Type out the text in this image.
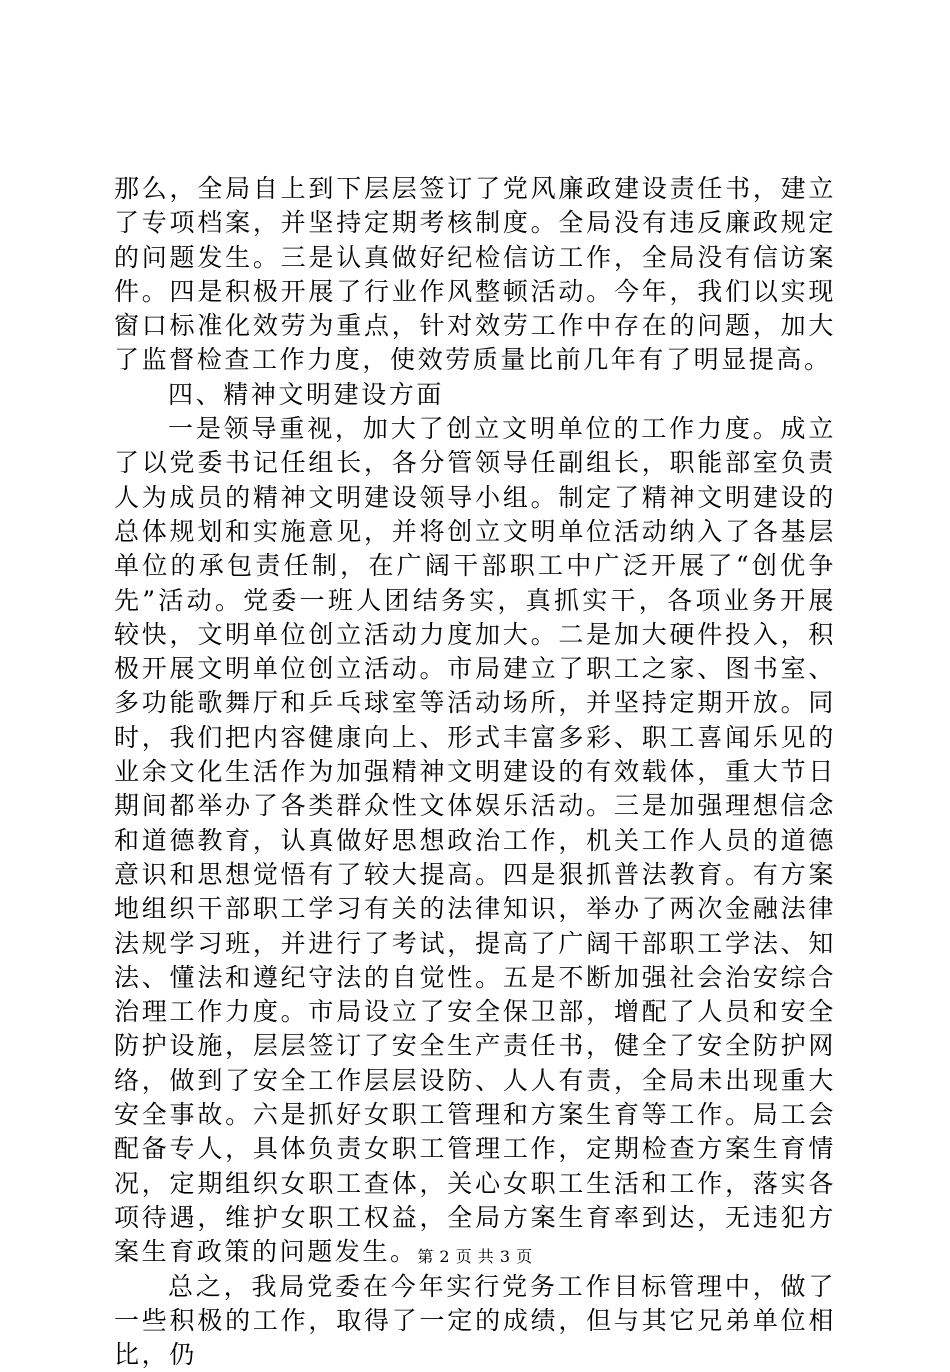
那么，全局自上到下层层签订了党风廉政建设责任书，建立了专项档案，并坚持定期考核制度。全局没有违反廉政规定的问题发生。三是认真做好纪检信访工作，全局没有信访案件。四是积极开展了行业作风整顿活动。今年，我们以实现窗口标准化效劳为重点，针对效劳工作中存在的问题，加大了监督检查工作力度，使效劳质量比前几年有了明显提高。

四、精神文明建设方面

一是领导重视，加大了创立文明单位的工作力度。成立了以党委书记任组长，各分管领导任副组长，职能部室负责人为成员的精神文明建设领导小组。制定了精神文明建设的总体规划和实施意见，并将创立文明单位活动纳入了各基层单位的承包责任制，在广阔干部职工中广泛开展了“创优争先”活动。党委一班人团结务实，真抓实干，各项业务开展较快，文明单位创立活动力度加大。二是加大硬件投入，积极开展文明单位创立活动。市局建立了职工之家、图书室、多功能歌舞厅和乒乓球室等活动场所，并坚持定期开放。同时，我们把内容健康向上、形式丰富多彩、职工喜闻乐见的业余文化生活作为加强精神文明建设的有效载体，重大节日期间都举办了各类群众性文体娱乐活动。三是加强理想信念和道德教育，认真做好思想政治工作，机关工作人员的道德意识和思想觉悟有了较大提高。四是狠抓普法教育。有方案地组织干部职工学习有关的法律知识，举办了两次金融法律法规学习班，并进行了考试，提高了广阔干部职工学法、知法、懂法和遵纪守法的自觉性。五是不断加强社会治安综合治理工作力度。市局设立了安全保卫部，增配了人员和安全防护设施，层层签订了安全生产责任书，健全了安全防护网络，做到了安全工作层层设防、人人有责，全局未出现重大安全事故。六是抓好女职工管理和方案生育等工作。局工会配备专人，具体负责女职工管理工作，定期检查方案生育情况，定期组织女职工查体，关心女职工生活和工作，落实各项待遇，维护女职工权益，全局方案生育率到达，无违犯方案生育政策的问题发生。

总之，我局党委在今年实行党务工作目标管理中，做了一些积极的工作，取得了一定的成绩，但与其它兄弟单位相比，仍

第 2 页 共 3 页
